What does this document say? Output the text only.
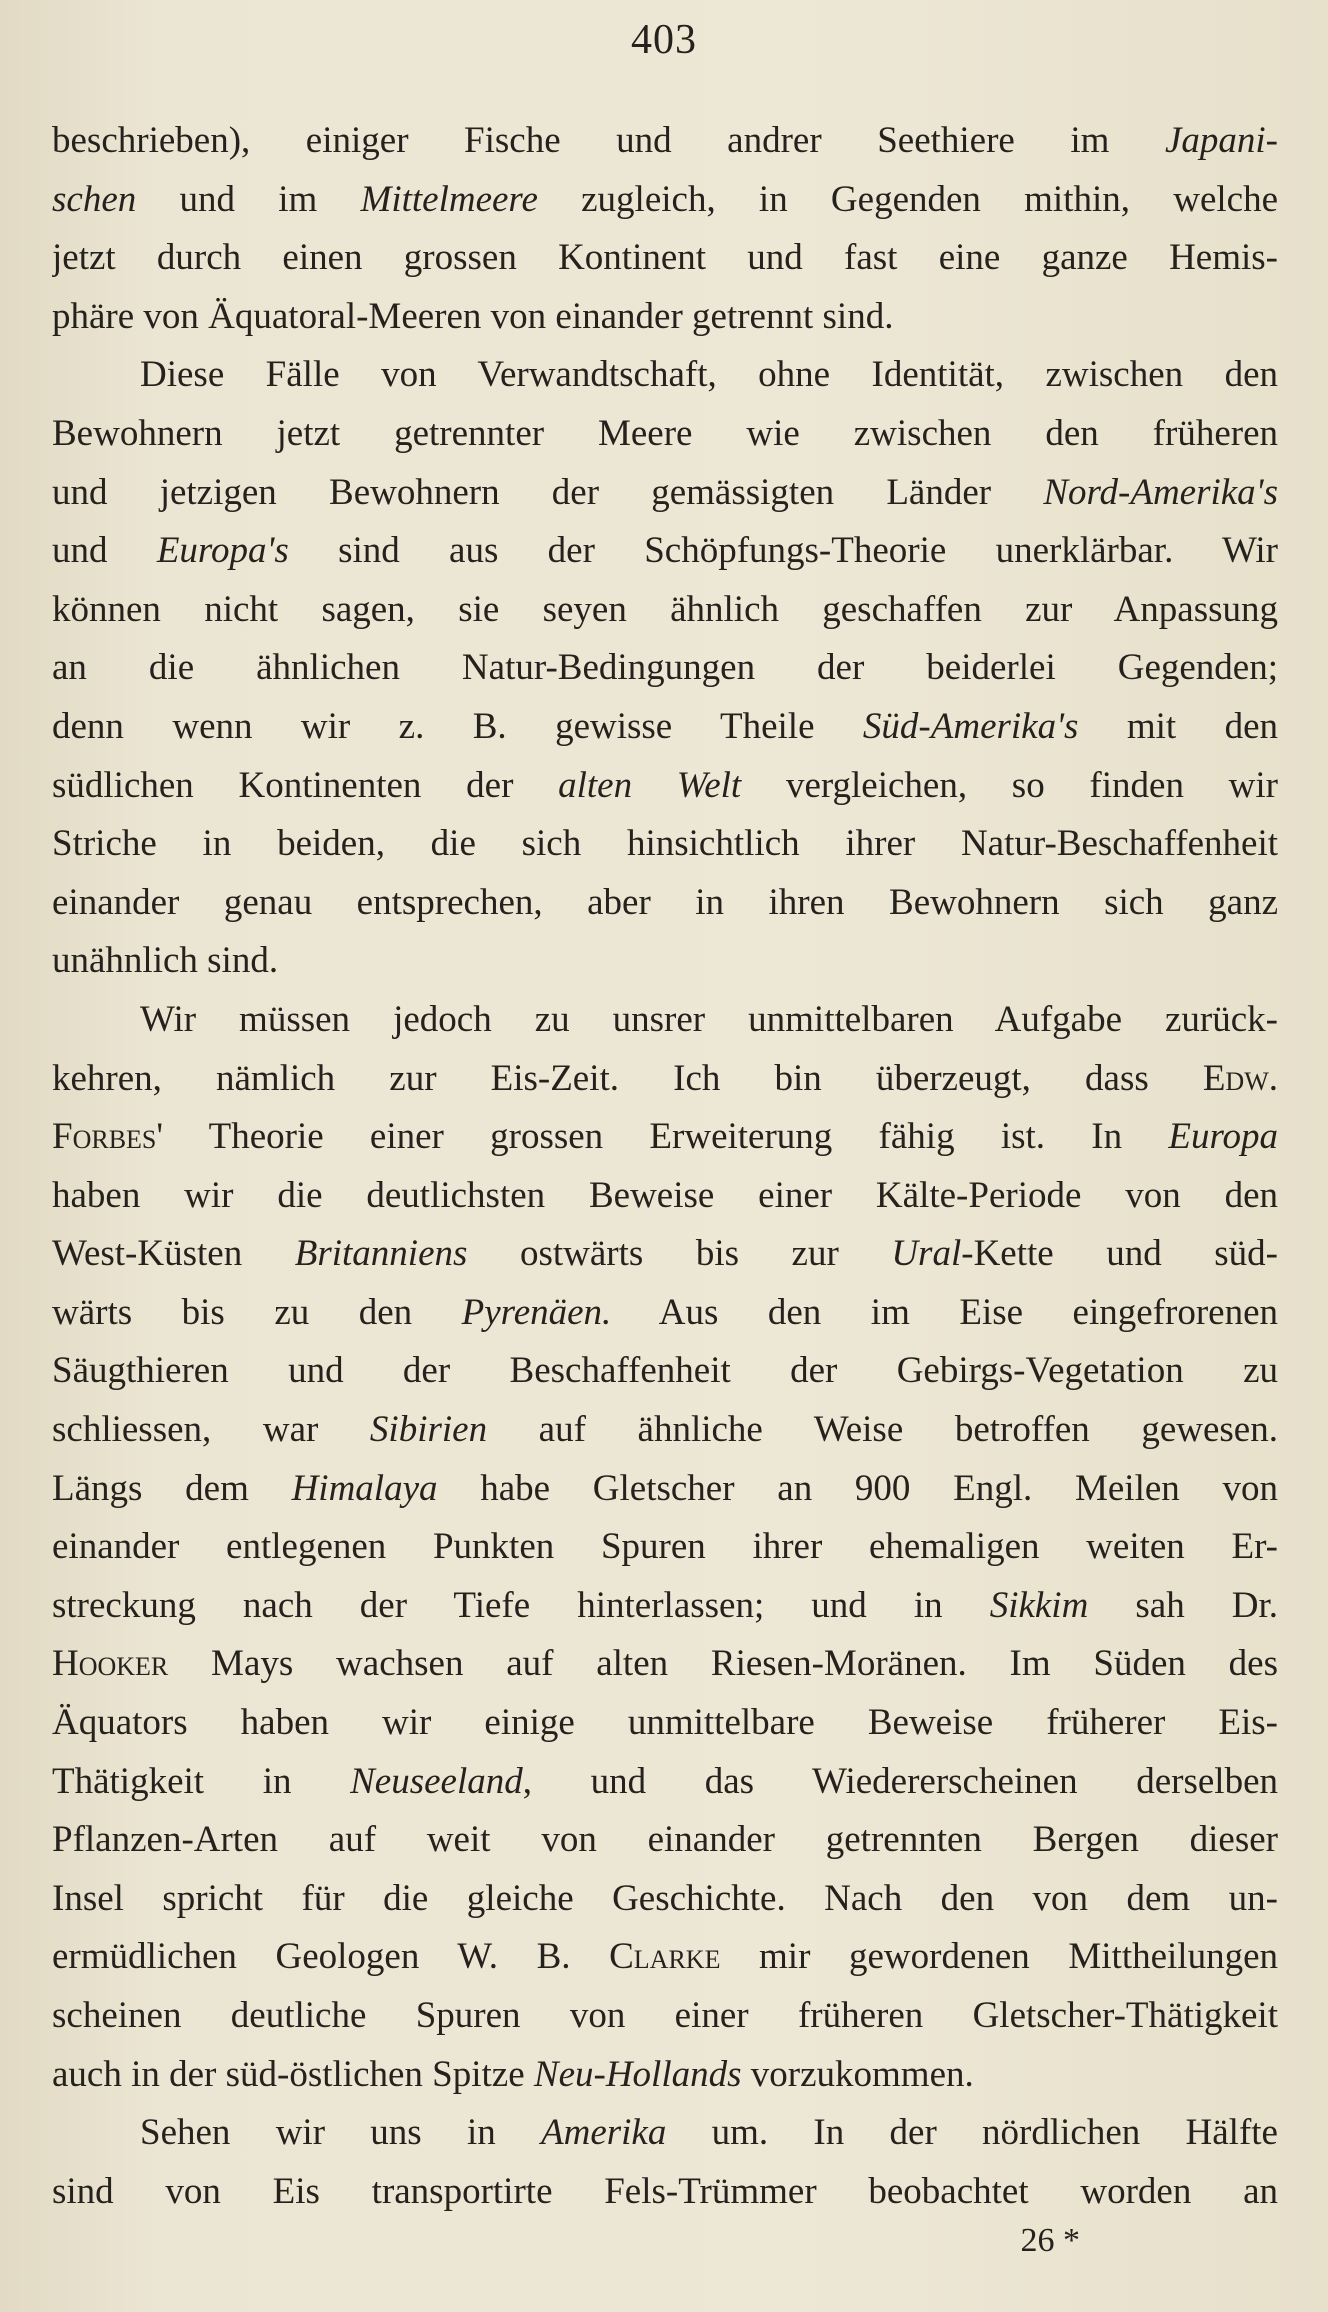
403
beschrieben), einiger Fische und andrer Seethiere im Japani-
schen und im Mittelmeere zugleich, in Gegenden mithin, welche
jetzt durch einen grossen Kontinent und fast eine ganze Hemis-
phäre von Äquatoral-Meeren von einander getrennt sind.
Diese Fälle von Verwandtschaft, ohne Identität, zwischen den
Bewohnern jetzt getrennter Meere wie zwischen den früheren
und jetzigen Bewohnern der gemässigten Länder Nord-Amerika's
und Europa's sind aus der Schöpfungs-Theorie unerklärbar. Wir
können nicht sagen, sie seyen ähnlich geschaffen zur Anpassung
an die ähnlichen Natur-Bedingungen der beiderlei Gegenden;
denn wenn wir z. B. gewisse Theile Süd-Amerika's mit den
südlichen Kontinenten der alten Welt vergleichen, so finden wir
Striche in beiden, die sich hinsichtlich ihrer Natur-Beschaffenheit
einander genau entsprechen, aber in ihren Bewohnern sich ganz
unähnlich sind.
Wir müssen jedoch zu unsrer unmittelbaren Aufgabe zurück-
kehren, nämlich zur Eis-Zeit. Ich bin überzeugt, dass Edw.
Forbes' Theorie einer grossen Erweiterung fähig ist. In Europa
haben wir die deutlichsten Beweise einer Kälte-Periode von den
West-Küsten Britanniens ostwärts bis zur Ural-Kette und süd-
wärts bis zu den Pyrenäen. Aus den im Eise eingefrorenen
Säugthieren und der Beschaffenheit der Gebirgs-Vegetation zu
schliessen, war Sibirien auf ähnliche Weise betroffen gewesen.
Längs dem Himalaya habe Gletscher an 900 Engl. Meilen von
einander entlegenen Punkten Spuren ihrer ehemaligen weiten Er-
streckung nach der Tiefe hinterlassen; und in Sikkim sah Dr.
Hooker Mays wachsen auf alten Riesen-Moränen. Im Süden des
Äquators haben wir einige unmittelbare Beweise früherer Eis-
Thätigkeit in Neuseeland, und das Wiedererscheinen derselben
Pflanzen-Arten auf weit von einander getrennten Bergen dieser
Insel spricht für die gleiche Geschichte. Nach den von dem un-
ermüdlichen Geologen W. B. Clarke mir gewordenen Mittheilungen
scheinen deutliche Spuren von einer früheren Gletscher-Thätigkeit
auch in der süd-östlichen Spitze Neu-Hollands vorzukommen.
Sehen wir uns in Amerika um. In der nördlichen Hälfte
sind von Eis transportirte Fels-Trümmer beobachtet worden an
26 *
